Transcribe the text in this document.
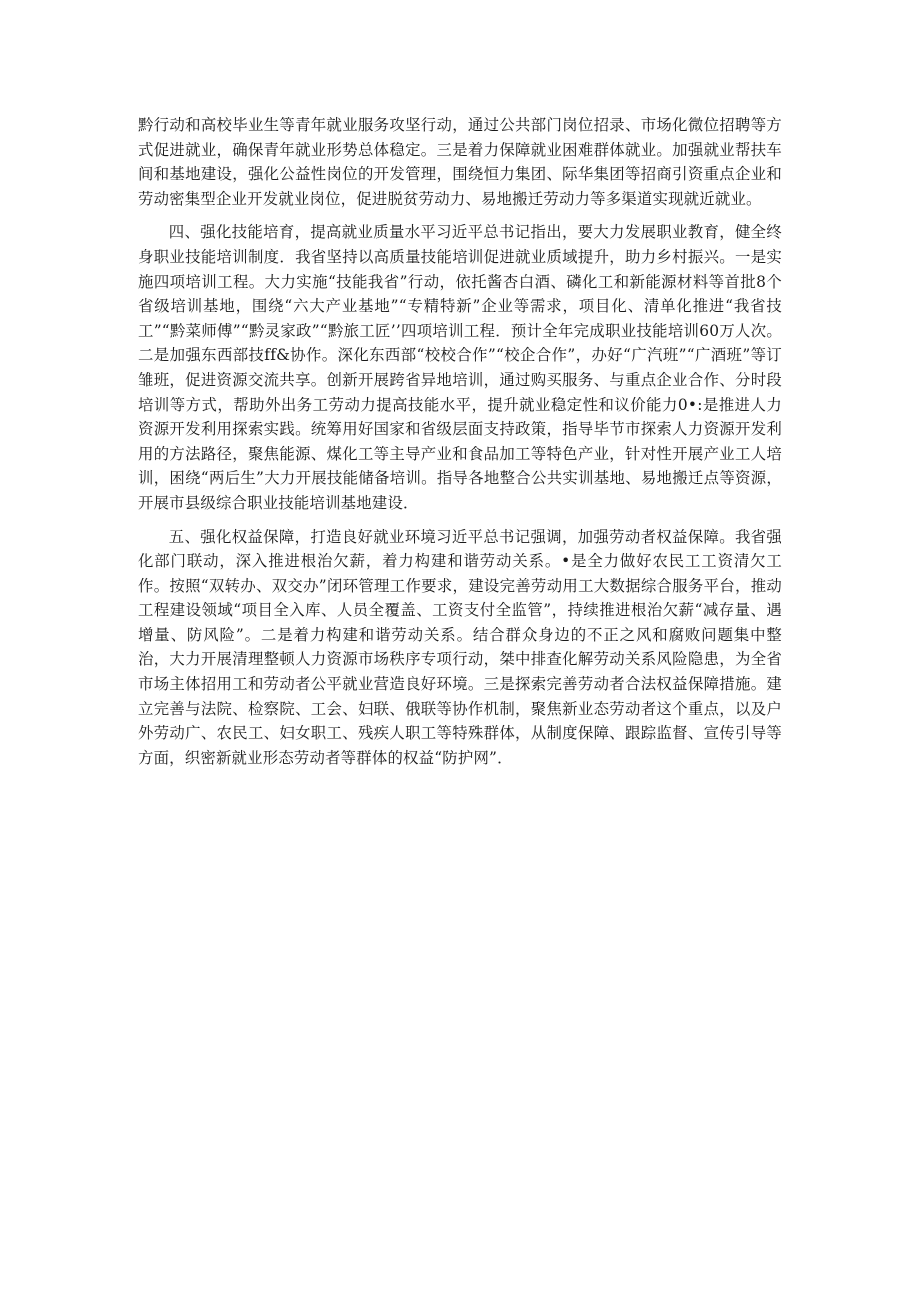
黔行动和高校毕业生等青年就业服务攻坚行动，通过公共部门岗位招录、市场化微位招聘等方式促进就业，确保青年就业形势总体稳定。三是着力保障就业困难群体就业。加强就业帮扶车间和基地建设，强化公益性岗位的开发管理，围绕恒力集团、际华集团等招商引资重点企业和劳动密集型企业开发就业岗位，促进脱贫劳动力、易地搬迁劳动力等多渠道实现就近就业。

四、强化技能培育，提高就业质量水平习近平总书记指出，要大力发展职业教育，健全终身职业技能培训制度．我省坚持以高质量技能培训促进就业质域提升，助力乡村振兴。一是实施四项培训工程。大力实施“技能我省”行动，依托酱杏白酒、磷化工和新能源材料等首批8个省级培训基地，围绕“六大产业基地”“专精特新”企业等需求，项目化、清单化推进“我省技工”“黔菜师傅”“黔灵家政”“黔旅工匠’’四项培训工程．预计全年完成职业技能培训60万人次。二是加强东西部技ff&协作。深化东西部“校校合作”“校企合作”，办好“广汽班”“广酒班”等订雏班，促进资源交流共享。创新开展跨省异地培训，通过购买服务、与重点企业合作、分时段培训等方式，帮助外出务工劳动力提高技能水平，提升就业稳定性和议价能力0•:是推进人力资源开发利用探索实践。统筹用好国家和省级层面支持政策，指导毕节市探索人力资源开发利用的方法路径，聚焦能源、煤化工等主导产业和食品加工等特色产业，针对性开展产业工人培训，困绕“两后生”大力开展技能储备培训。指导各地整合公共实训基地、易地搬迁点等资源，开展市县级综合职业技能培训基地建设．

五、强化权益保障，打造良好就业环境习近平总书记强调，加强劳动者权益保障。我省强化部门联动，深入推进根治欠薪，着力构建和谐劳动关系。•是全力做好农民工工资清欠工作。按照“双转办、双交办”闭环管理工作要求，建设完善劳动用工大数据综合服务平台，推动工程建设领域“项目全入库、人员全覆盖、工资支付全监管”，持续推进根治欠薪“减存量、遇增量、防风险”。二是着力构建和谐劳动关系。结合群众身边的不正之风和腐败问题集中整治，大力开展清理整顿人力资源市场秩序专项行动，桀中排查化解劳动关系风险隐患，为全省市场主体招用工和劳动者公平就业营造良好环境。三是探索完善劳动者合法权益保障措施。建立完善与法院、检察院、工会、妇联、俄联等协作机制，聚焦新业态劳动者这个重点，以及户外劳动广、农民工、妇女职工、残疾人职工等特殊群体，从制度保障、跟踪监督、宣传引导等方面，织密新就业形态劳动者等群体的权益“防护网”．
